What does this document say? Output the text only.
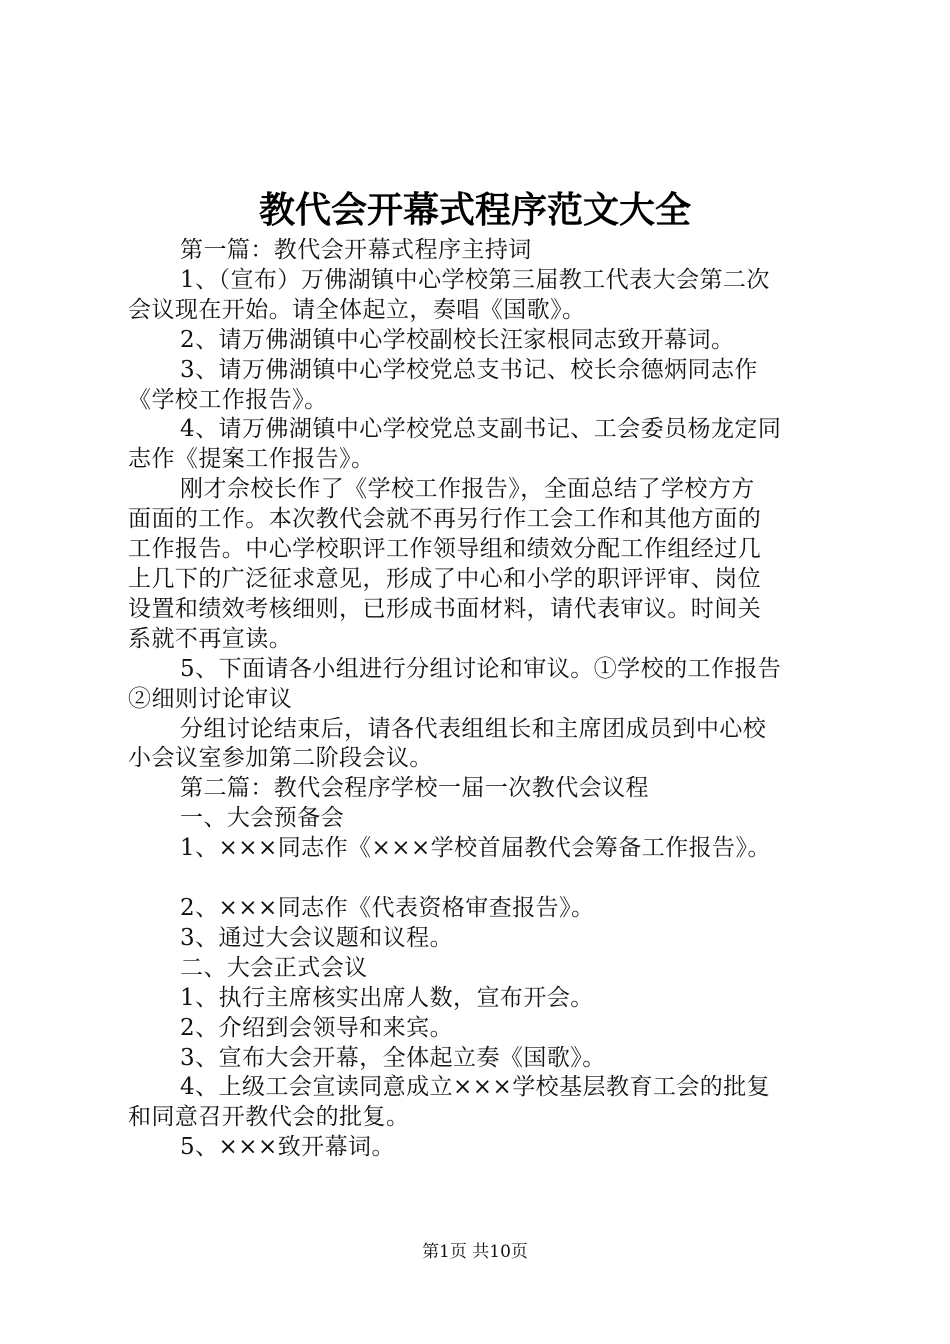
教代会开幕式程序范文大全

第一篇：教代会开幕式程序主持词

1、（宣布）万佛湖镇中心学校第三届教工代表大会第二次

会议现在开始。请全体起立，奏唱《国歌》。

2、请万佛湖镇中心学校副校长汪家根同志致开幕词。

3、请万佛湖镇中心学校党总支书记、校长佘德炳同志作

《学校工作报告》。

4、请万佛湖镇中心学校党总支副书记、工会委员杨龙定同

志作《提案工作报告》。

刚才佘校长作了《学校工作报告》，全面总结了学校方方

面面的工作。本次教代会就不再另行作工会工作和其他方面的

工作报告。中心学校职评工作领导组和绩效分配工作组经过几

上几下的广泛征求意见，形成了中心和小学的职评评审、岗位

设置和绩效考核细则，已形成书面材料，请代表审议。时间关

系就不再宣读。

5、下面请各小组进行分组讨论和审议。①学校的工作报告

②细则讨论审议

分组讨论结束后，请各代表组组长和主席团成员到中心校

小会议室参加第二阶段会议。

第二篇：教代会程序学校一届一次教代会议程

一、大会预备会

1、×××同志作《×××学校首届教代会筹备工作报告》。

2、×××同志作《代表资格审查报告》。

3、通过大会议题和议程。

二、大会正式会议

1、执行主席核实出席人数，宣布开会。

2、介绍到会领导和来宾。

3、宣布大会开幕，全体起立奏《国歌》。

4、上级工会宣读同意成立×××学校基层教育工会的批复

和同意召开教代会的批复。

5、×××致开幕词。

第1页 共10页
